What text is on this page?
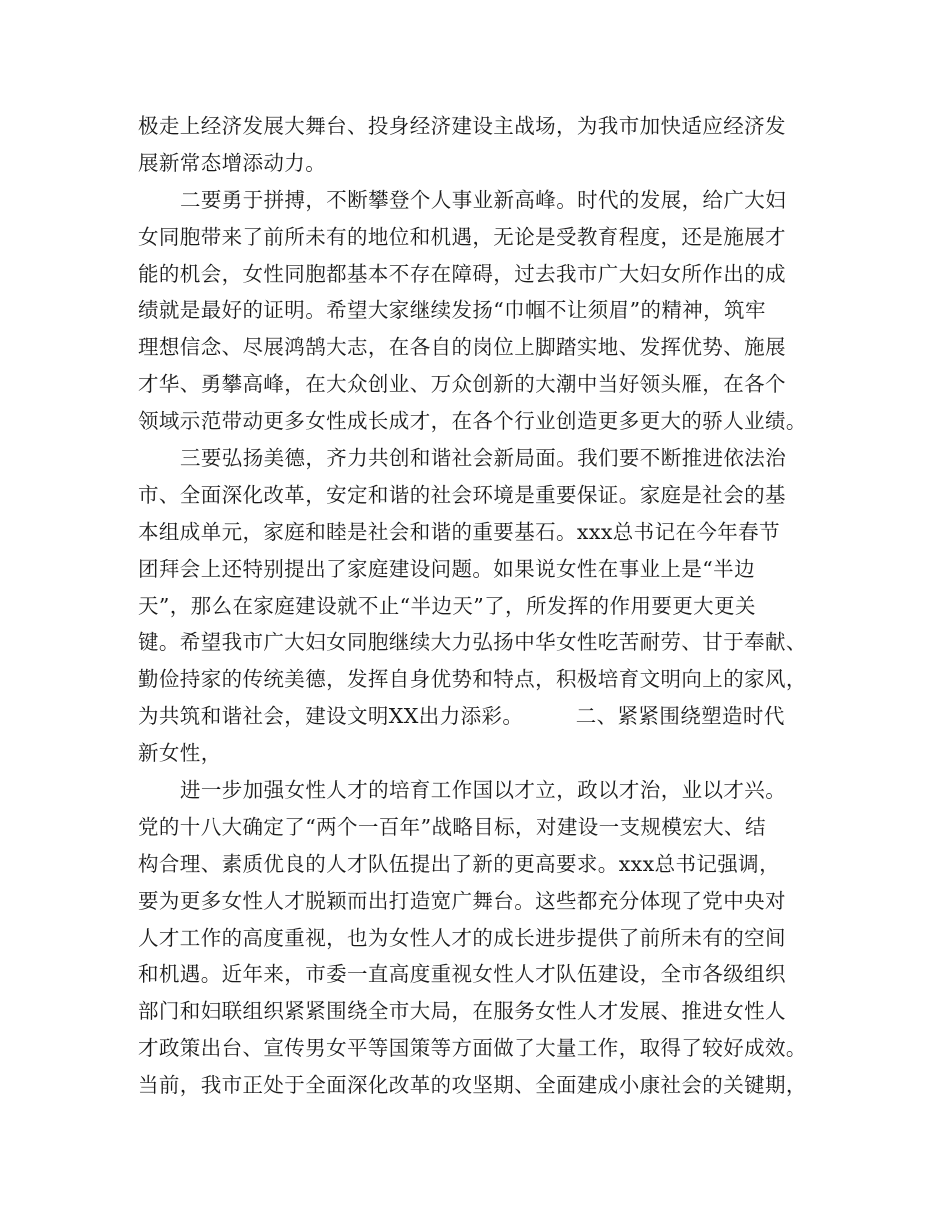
极走上经济发展大舞台、投身经济建设主战场，为我市加快适应经济发
展新常态增添动力。
二要勇于拼搏，不断攀登个人事业新高峰。时代的发展，给广大妇
女同胞带来了前所未有的地位和机遇，无论是受教育程度，还是施展才
能的机会，女性同胞都基本不存在障碍，过去我市广大妇女所作出的成
绩就是最好的证明。希望大家继续发扬“巾帼不让须眉”的精神，筑牢
理想信念、尽展鸿鹄大志，在各自的岗位上脚踏实地、发挥优势、施展
才华、勇攀高峰，在大众创业、万众创新的大潮中当好领头雁，在各个
领域示范带动更多女性成长成才，在各个行业创造更多更大的骄人业绩。
三要弘扬美德，齐力共创和谐社会新局面。我们要不断推进依法治
市、全面深化改革，安定和谐的社会环境是重要保证。家庭是社会的基
本组成单元，家庭和睦是社会和谐的重要基石。xxx总书记在今年春节
团拜会上还特别提出了家庭建设问题。如果说女性在事业上是“半边
天”，那么在家庭建设就不止“半边天”了，所发挥的作用要更大更关
键。希望我市广大妇女同胞继续大力弘扬中华女性吃苦耐劳、甘于奉献、
勤俭持家的传统美德，发挥自身优势和特点，积极培育文明向上的家风，
为共筑和谐社会，建设文明XX出力添彩。　　　二、紧紧围绕塑造时代
新女性，
进一步加强女性人才的培育工作国以才立，政以才治，业以才兴。
党的十八大确定了“两个一百年”战略目标，对建设一支规模宏大、结
构合理、素质优良的人才队伍提出了新的更高要求。xxx总书记强调，
要为更多女性人才脱颖而出打造宽广舞台。这些都充分体现了党中央对
人才工作的高度重视，也为女性人才的成长进步提供了前所未有的空间
和机遇。近年来，市委一直高度重视女性人才队伍建设，全市各级组织
部门和妇联组织紧紧围绕全市大局，在服务女性人才发展、推进女性人
才政策出台、宣传男女平等国策等方面做了大量工作，取得了较好成效。
当前，我市正处于全面深化改革的攻坚期、全面建成小康社会的关键期，
